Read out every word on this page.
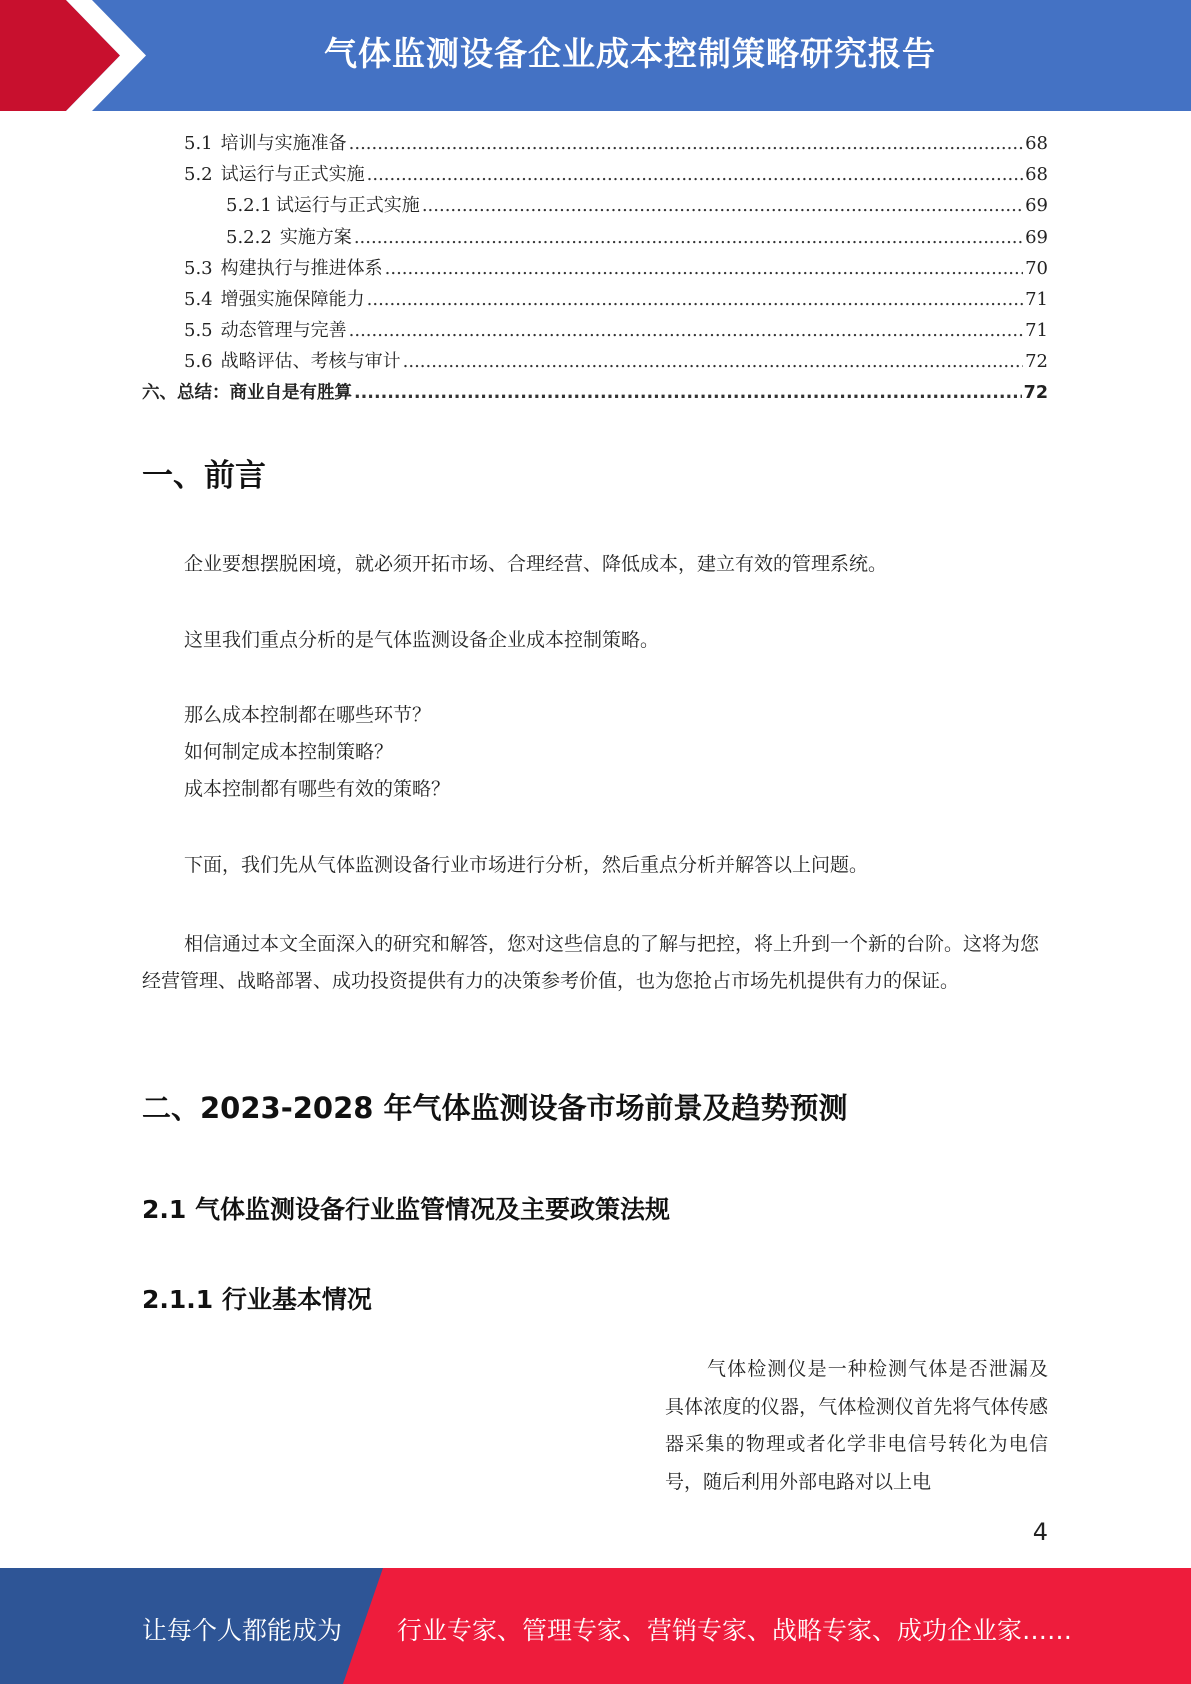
气体监测设备企业成本控制策略研究报告
5.1 培训与实施准备 .....	68
5.2 试运行与正式实施 .....	68
5.2.1 试运行与正式实施 .....	69
5.2.2 实施方案 .....	69
5.3 构建执行与推进体系 .....	70
5.4 增强实施保障能力 .....	71
5.5 动态管理与完善 .....	71
5.6 战略评估、考核与审计 .....	72
六、总结：商业自是有胜算 .....	72
一、前言
企业要想摆脱困境，就必须开拓市场、合理经营、降低成本，建立有效的管理系统。
这里我们重点分析的是气体监测设备企业成本控制策略。
那么成本控制都在哪些环节？
如何制定成本控制策略？
成本控制都有哪些有效的策略？
下面，我们先从气体监测设备行业市场进行分析，然后重点分析并解答以上问题。
相信通过本文全面深入的研究和解答，您对这些信息的了解与把控，将上升到一个新的台阶。这将为您经营管理、战略部署、成功投资提供有力的决策参考价值，也为您抢占市场先机提供有力的保证。
二、2023-2028 年气体监测设备市场前景及趋势预测
2.1 气体监测设备行业监管情况及主要政策法规
2.1.1 行业基本情况
气体检测仪是一种检测气体是否泄漏及具体浓度的仪器，气体检测仪首先将气体传感器采集的物理或者化学非电信号转化为电信号，随后利用外部电路对以上电
4
让每个人都能成为 行业专家、管理专家、营销专家、战略专家、成功企业家……
